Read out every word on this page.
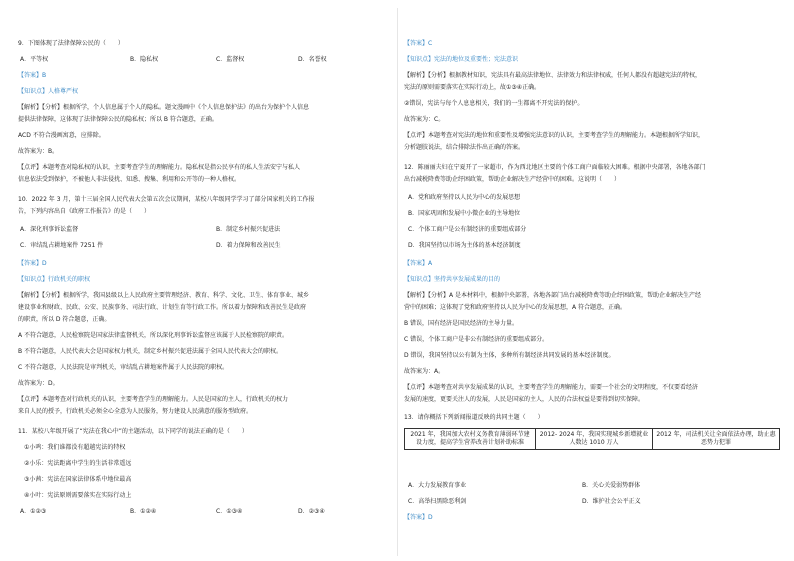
9．下图体现了法律保障公民的（　　）
A．平等权	B．隐私权	C．监督权	D．名誉权
【答案】B
【知识点】人格尊严权
【解析】【分析】根据所学，个人信息属于个人的隐私。题文漫画中《个人信息保护法》的出台为保护个人信息
提供法律保障，这体现了法律保障公民的隐私权；所以 B 符合题意，正确。
ACD 不符合漫画寓意，应排除。
故答案为：B。
【点评】本题考查对隐私权的认识，主要考查学生的理解能力。隐私权是指公民享有的私人生活安宁与私人
信息依法受到保护，不被他人非法侵扰、知悉、搜集、利用和公开等的一种人格权。
10．2022 年 3 月，第十三届全国人民代表大会第五次会议期间，某校八年级同学学习了部分国家机关的工作报
告，下列内容出自《政府工作报告》的是（　　）
A．深化刑事诉讼监督	B．制定乡村振兴促进法
C．审结乱占耕地案件 7251 件	D．着力保障和改善民生
【答案】D
【知识点】行政机关的职权
【解析】【分析】根据所学，我国县级以上人民政府主要管理经济、教育、科学、文化、卫生、体育事业、城乡
建设事业和财政、民政、公安、民族事务、司法行政、计划生育等行政工作。所以着力保障和改善民生是政府
的职责，所以 D 符合题意，正确。
A 不符合题意，人民检察院是国家法律监督机关，所以深化刑事诉讼监督应该属于人民检察院的职责。
B 不符合题意，人民代表大会是国家权力机关，制定乡村振兴促进法属于全国人民代表大会的职权。
C 不符合题意，人民法院是审判机关，审结乱占耕地案件属于人民法院的职权。
故答案为：D。
【点评】本题考查对行政机关的认识，主要考查学生的理解能力。人民是国家的主人，行政机关的权力
来自人民的授予，行政机关必须全心全意为人民服务，努力建设人民满意的服务型政府。
11．某校八年级开展了“宪法在我心中”的主题活动，以下同学的说法正确的是（　　）
①小鸣：我们谁都没有超越宪法的特权
②小乐：宪法距离中学生的生活非常遥远
③小茜：宪法在国家法律体系中地位最高
④小叶：宪法原则需要落实在实际行动上
A．①②③	B．①②④	C．①③④	D．②③④
【答案】C
【知识点】宪法的地位及重要性；宪法意识
【解析】【分析】根据教材知识，宪法具有最高法律地位、法律效力和法律权威，任何人都没有超越宪法的特权，
宪法的原则需要落实在实际行动上，故①③④正确。
②错误，宪法与每个人息息相关，我们的一生都离不开宪法的保护。
故答案为：C。
【点评】本题考查对宪法的地位和重要性及增强宪法意识的认识，主要考查学生的理解能力。本题根据所学知识，
分析题肢说法，结合排除法作出正确的答案。
12．陈丽丽夫妇在宁夏开了一家超市，作为西北地区主要的个体工商户面临较大困难。根据中央部署，各地各部门
出台减税降费等助企纾困政策，帮助企业解决生产经营中的困难。这说明（　　）
A．党和政府坚持以人民为中心的发展思想
B．国家巩固和发展中小微企业的主导地位
C．个体工商户是公有制经济的重要组成部分
D．我国坚持以市场为主体的基本经济制度
【答案】A
【知识点】坚持共享发展成果的目的
【解析】【分析】A 是本材料中，根据中央部署，各地各部门出台减税降费等助企纾困政策，帮助企业解决生产经
营中的困难；这体现了党和政府坚持以人民为中心的发展思想，A 符合题意，正确。
B 错误，国有经济是国民经济的主导力量。
C 错误，个体工商户是非公有制经济的重要组成部分。
D 错误，我国坚持以公有制为主体，多种所有制经济共同发展的基本经济制度。
故答案为：A。
【点评】本题考查对共享发展成果的认识，主要考查学生的理解能力，需要一个社会的文明程度，不仅要看经济
发展的速度，更要关注人的发展，人民是国家的主人，人民的合法权益是要得到切实保障。
13．请你概括下列新闻报道反映的共同主题（　　）
2021 年，我国加大农村义务教育薄弱环节建设力度，提高学生营养改善计划补助标准	2012- 2024 年，我国实现城乡新增就业人数达 1010 万人	2012 年，司法机关让全面依法办理，助止惠恶势力犯罪
A．大力发展教育事业	B．关心关爱弱势群体
C．高举扫黑除恶利剑	D．维护社会公平正义
【答案】D
